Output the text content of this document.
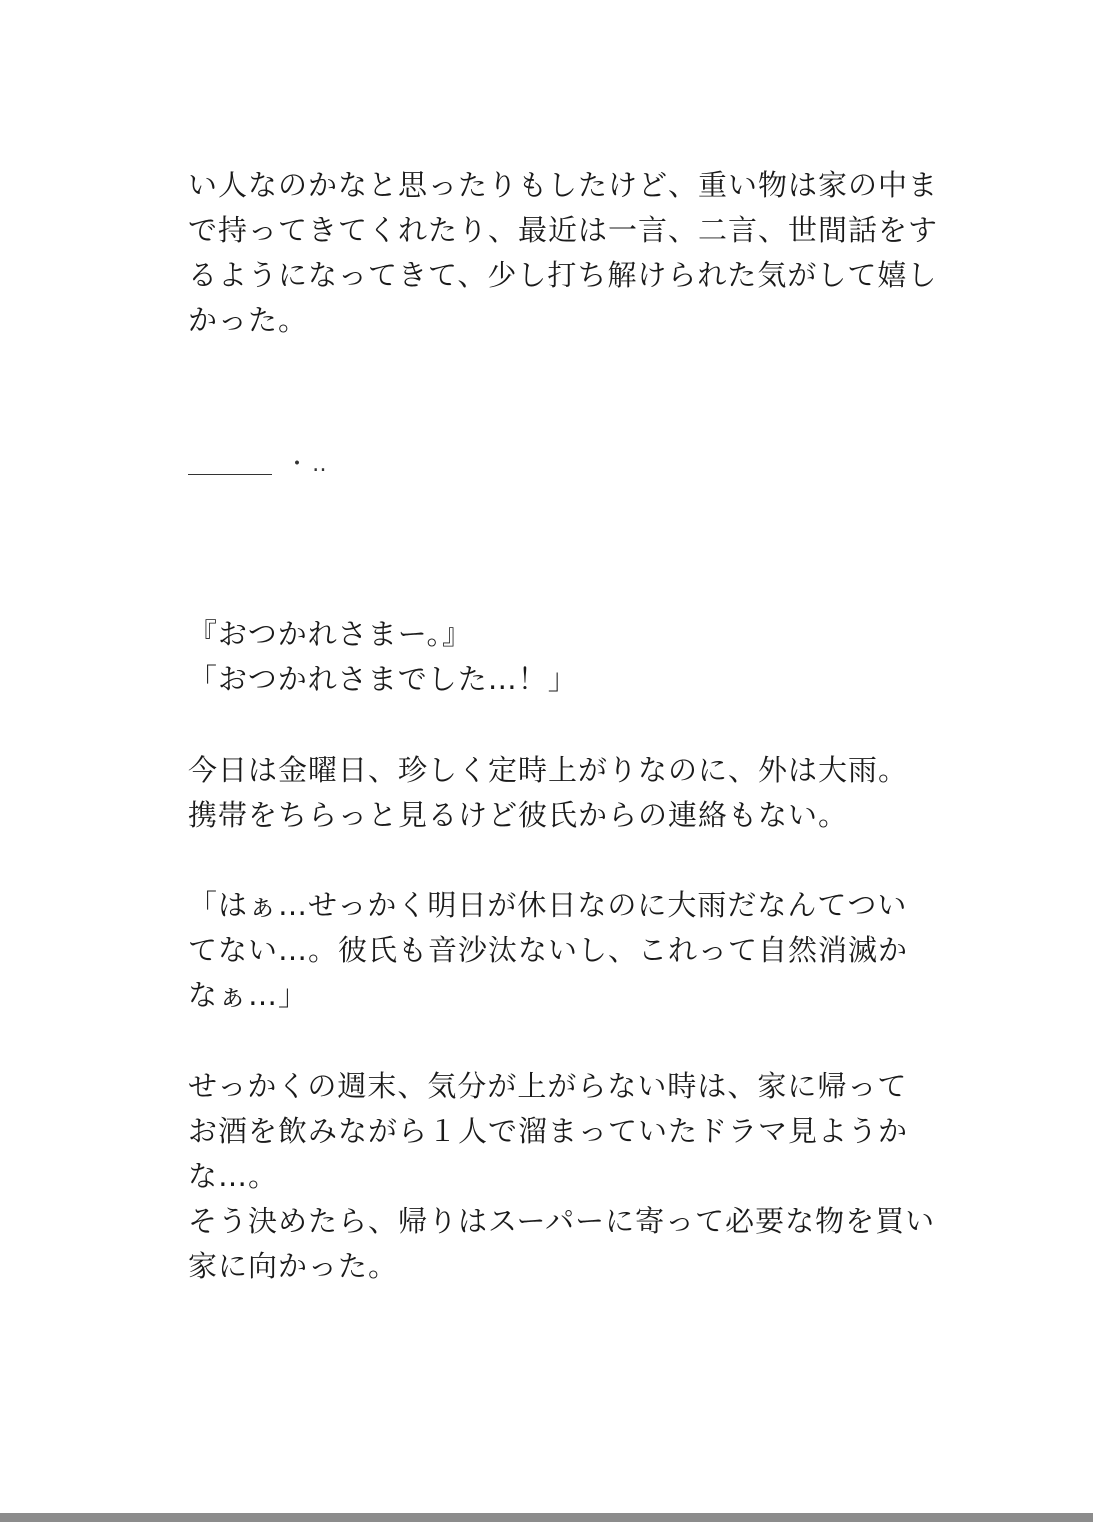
い人なのかなと思ったりもしたけど、重い物は家の中ま
で持ってきてくれたり、最近は一言、二言、世間話をす
るようになってきて、少し打ち解けられた気がして嬉し
かった。
・‥
『おつかれさまー。』
「おつかれさまでした…！」
今日は金曜日、珍しく定時上がりなのに、外は大雨。
携帯をちらっと見るけど彼氏からの連絡もない。
「はぁ…せっかく明日が休日なのに大雨だなんてつい
てない…。彼氏も音沙汰ないし、これって自然消滅か
なぁ…」
せっかくの週末、気分が上がらない時は、家に帰って
お酒を飲みながら１人で溜まっていたドラマ見ようか
な…。
そう決めたら、帰りはスーパーに寄って必要な物を買い
家に向かった。
